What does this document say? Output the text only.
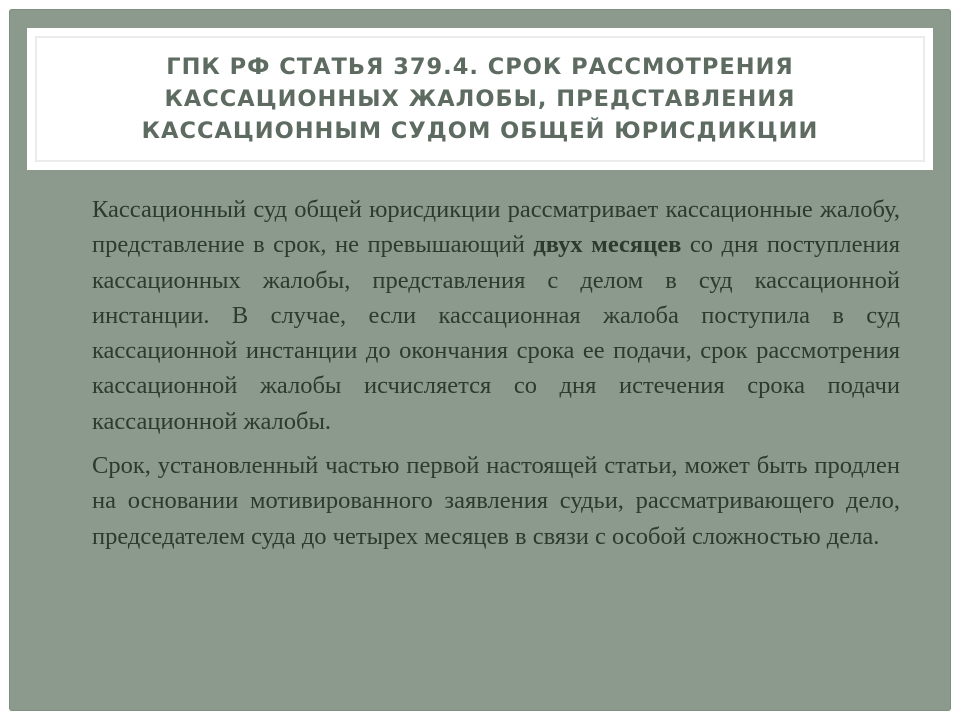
ГПК РФ СТАТЬЯ 379.4. СРОК РАССМОТРЕНИЯ КАССАЦИОННЫХ ЖАЛОБЫ, ПРЕДСТАВЛЕНИЯ КАССАЦИОННЫМ СУДОМ ОБЩЕЙ ЮРИСДИКЦИИ

Кассационный суд общей юрисдикции рассматривает кассационные жалобу, представление в срок, не превышающий двух месяцев со дня поступления кассационных жалобы, представления с делом в суд кассационной инстанции. В случае, если кассационная жалоба поступила в суд кассационной инстанции до окончания срока ее подачи, срок рассмотрения кассационной жалобы исчисляется со дня истечения срока подачи кассационной жалобы.

Срок, установленный частью первой настоящей статьи, может быть продлен на основании мотивированного заявления судьи, рассматривающего дело, председателем суда до четырех месяцев в связи с особой сложностью дела.
